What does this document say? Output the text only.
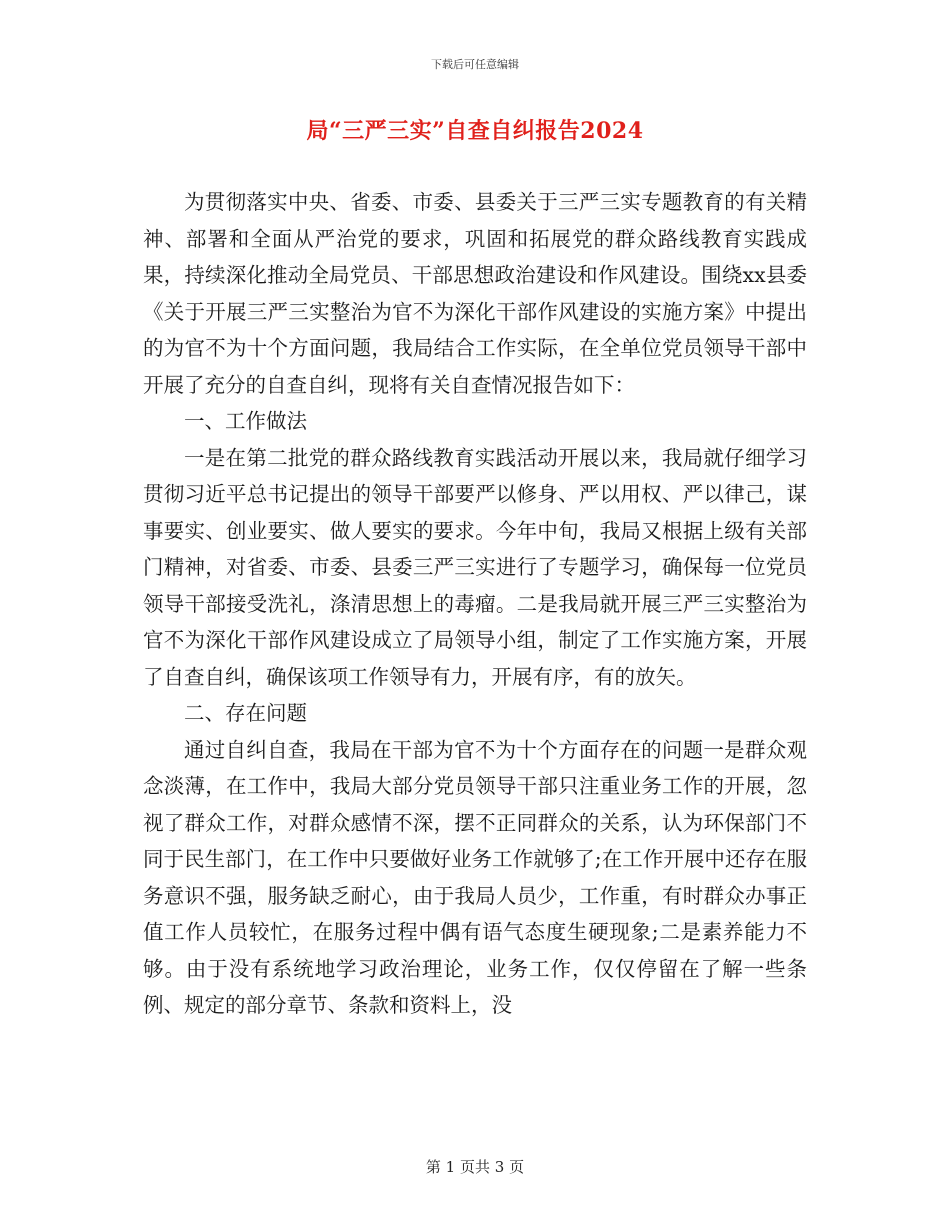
下载后可任意编辑
局“三严三实”自查自纠报告2024

为贯彻落实中央、省委、市委、县委关于三严三实专题教育的有关精神、部署和全面从严治党的要求，巩固和拓展党的群众路线教育实践成果，持续深化推动全局党员、干部思想政治建设和作风建设。围绕xx县委《关于开展三严三实整治为官不为深化干部作风建设的实施方案》中提出的为官不为十个方面问题，我局结合工作实际，在全单位党员领导干部中开展了充分的自查自纠，现将有关自查情况报告如下：

一、工作做法

一是在第二批党的群众路线教育实践活动开展以来，我局就仔细学习贯彻习近平总书记提出的领导干部要严以修身、严以用权、严以律己，谋事要实、创业要实、做人要实的要求。今年中旬，我局又根据上级有关部门精神，对省委、市委、县委三严三实进行了专题学习，确保每一位党员领导干部接受洗礼，涤清思想上的毒瘤。二是我局就开展三严三实整治为官不为深化干部作风建设成立了局领导小组，制定了工作实施方案，开展了自查自纠，确保该项工作领导有力，开展有序，有的放矢。

二、存在问题

通过自纠自查，我局在干部为官不为十个方面存在的问题一是群众观念淡薄，在工作中，我局大部分党员领导干部只注重业务工作的开展，忽视了群众工作，对群众感情不深，摆不正同群众的关系，认为环保部门不同于民生部门，在工作中只要做好业务工作就够了;在工作开展中还存在服务意识不强，服务缺乏耐心，由于我局人员少，工作重，有时群众办事正值工作人员较忙，在服务过程中偶有语气态度生硬现象;二是素养能力不够。由于没有系统地学习政治理论，业务工作，仅仅停留在了解一些条例、规定的部分章节、条款和资料上，没

第 1 页共 3 页
